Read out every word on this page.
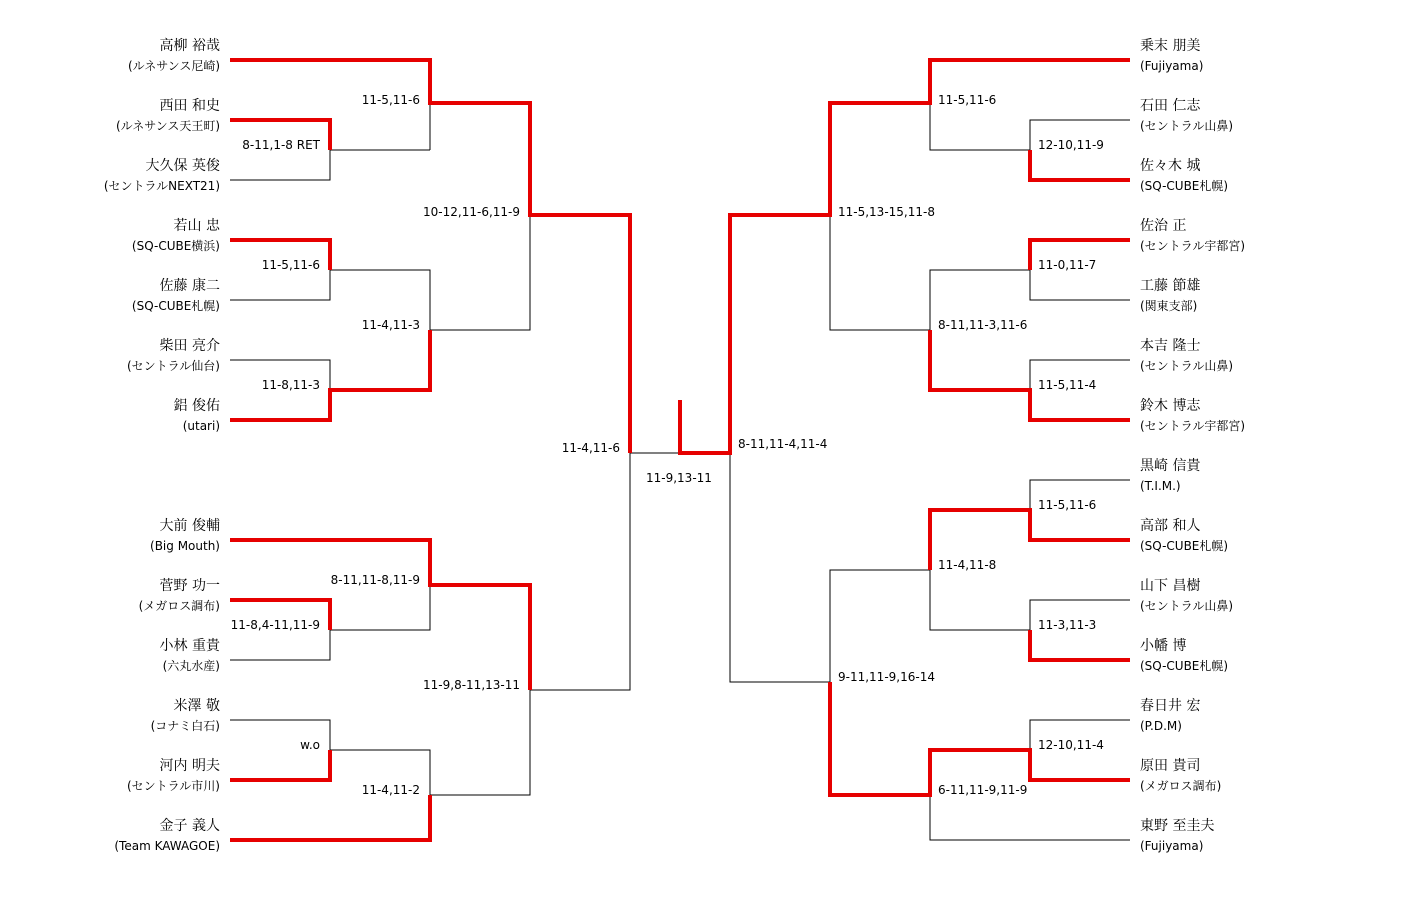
高柳 裕哉
(ルネサンス尼崎)
西田 和史
(ルネサンス天王町)
大久保 英俊
(セントラルNEXT21)
若山 忠
(SQ-CUBE横浜)
佐藤 康二
(SQ-CUBE札幌)
柴田 亮介
(セントラル仙台)
鋁 俊佑
(utari)
大前 俊輔
(Big Mouth)
菅野 功一
(メガロス調布)
小林 重貴
(六丸水産)
米澤 敬
(コナミ白石)
河内 明夫
(セントラル市川)
金子 義人
(Team KAWAGOE)
乗末 朋美
(Fujiyama)
石田 仁志
(セントラル山鼻)
佐々木 城
(SQ-CUBE札幌)
佐治 正
(セントラル宇都宮)
工藤 節雄
(関東支部)
本吉 隆士
(セントラル山鼻)
鈴木 博志
(セントラル宇都宮)
黒崎 信貴
(T.I.M.)
高部 和人
(SQ-CUBE札幌)
山下 昌樹
(セントラル山鼻)
小幡 博
(SQ-CUBE札幌)
春日井 宏
(P.D.M)
原田 貴司
(メガロス調布)
東野 至圭夫
(Fujiyama)
8-11,1-8 RET
11-5,11-6
11-5,11-6
11-4,11-3
11-8,11-3
10-12,11-6,11-9
11-4,11-6
8-11,11-8,11-9
11-8,4-11,11-9
11-9,8-11,13-11
w.o
11-4,11-2
11-9,13-11
8-11,11-4,11-4
11-5,13-15,11-8
9-11,11-9,16-14
11-5,11-6
8-11,11-3,11-6
11-4,11-8
6-11,11-9,11-9
12-10,11-9
11-0,11-7
11-5,11-4
11-5,11-6
11-3,11-3
12-10,11-4
